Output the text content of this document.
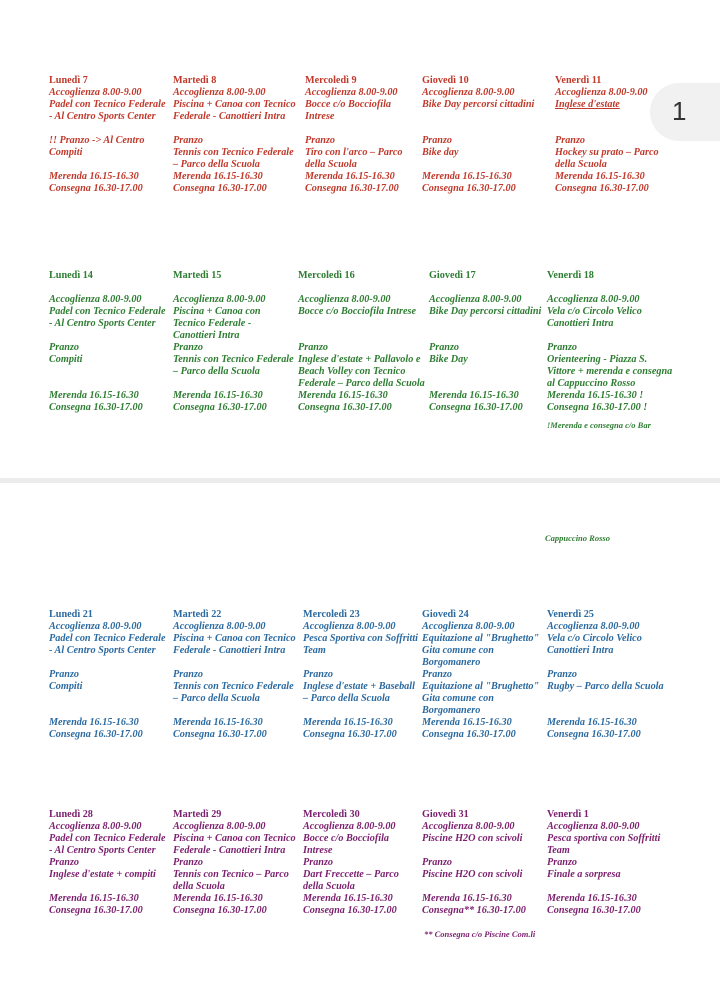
1
Lunedì 7
Accoglienza 8.00-9.00
Padel con Tecnico Federale
- Al Centro Sports Center
!! Pranzo -> Al Centro
Compiti
Merenda 16.15-16.30
Consegna 16.30-17.00
Martedì 8
Accoglienza 8.00-9.00
Piscina + Canoa con Tecnico
Federale - Canottieri Intra
Pranzo
Tennis con Tecnico Federale
– Parco della Scuola
Merenda 16.15-16.30
Consegna 16.30-17.00
Mercoledì 9
Accoglienza 8.00-9.00
Bocce c/o Bocciofila
Intrese
Pranzo
Tiro con l'arco – Parco
della Scuola
Merenda 16.15-16.30
Consegna 16.30-17.00
Giovedì 10
Accoglienza 8.00-9.00
Bike Day percorsi cittadini
Pranzo
Bike day
Merenda 16.15-16.30
Consegna 16.30-17.00
Venerdì 11
Accoglienza 8.00-9.00
Inglese d'estate
Pranzo
Hockey su prato – Parco
della Scuola
Merenda 16.15-16.30
Consegna 16.30-17.00
Lunedì 14
Accoglienza 8.00-9.00
Padel con Tecnico Federale
- Al Centro Sports Center
Pranzo
Compiti
Merenda 16.15-16.30
Consegna 16.30-17.00
Martedì 15
Accoglienza 8.00-9.00
Piscina + Canoa con
Tecnico Federale -
Canottieri Intra
Pranzo
Tennis con Tecnico Federale
– Parco della Scuola
Merenda 16.15-16.30
Consegna 16.30-17.00
Mercoledì 16
Accoglienza 8.00-9.00
Bocce c/o Bocciofila Intrese
Pranzo
Inglese d'estate + Pallavolo e
Beach Volley con Tecnico
Federale – Parco della Scuola
Merenda 16.15-16.30
Consegna 16.30-17.00
Giovedì 17
Accoglienza 8.00-9.00
Bike Day percorsi cittadini
Pranzo
Bike Day
Merenda 16.15-16.30
Consegna 16.30-17.00
Venerdì 18
Accoglienza 8.00-9.00
Vela c/o Circolo Velico
Canottieri Intra
Pranzo
Orienteering - Piazza S.
Vittore + merenda e consegna
al Cappuccino Rosso
Merenda 16.15-16.30 !
Consegna 16.30-17.00 !
!Merenda e consegna c/o Bar
Cappuccino Rosso
Lunedì 21
Accoglienza 8.00-9.00
Padel con Tecnico Federale
- Al Centro Sports Center
Pranzo
Compiti
Merenda 16.15-16.30
Consegna 16.30-17.00
Martedì 22
Accoglienza 8.00-9.00
Piscina + Canoa con Tecnico
Federale - Canottieri Intra
Pranzo
Tennis con Tecnico Federale
– Parco della Scuola
Merenda 16.15-16.30
Consegna 16.30-17.00
Mercoledì 23
Accoglienza 8.00-9.00
Pesca Sportiva con Soffritti
Team
Pranzo
Inglese d'estate + Baseball
– Parco della Scuola
Merenda 16.15-16.30
Consegna 16.30-17.00
Giovedì 24
Accoglienza 8.00-9.00
Equitazione al "Brughetto"
Gita comune con
Borgomanero
Pranzo
Equitazione al "Brughetto"
Gita comune con
Borgomanero
Merenda 16.15-16.30
Consegna 16.30-17.00
Venerdì 25
Accoglienza 8.00-9.00
Vela c/o Circolo Velico
Canottieri Intra
Pranzo
Rugby – Parco della Scuola
Merenda 16.15-16.30
Consegna 16.30-17.00
Lunedì 28
Accoglienza 8.00-9.00
Padel con Tecnico Federale
- Al Centro Sports Center
Pranzo
Inglese d'estate + compiti
Merenda 16.15-16.30
Consegna 16.30-17.00
Martedì 29
Accoglienza 8.00-9.00
Piscina + Canoa con Tecnico
Federale - Canottieri Intra
Pranzo
Tennis con Tecnico – Parco
della Scuola
Merenda 16.15-16.30
Consegna 16.30-17.00
Mercoledì 30
Accoglienza 8.00-9.00
Bocce c/o Bocciofila
Intrese
Pranzo
Dart Freccette – Parco
della Scuola
Merenda 16.15-16.30
Consegna 16.30-17.00
Giovedì 31
Accoglienza 8.00-9.00
Piscine H2O con scivoli
Pranzo
Piscine H2O con scivoli
Merenda 16.15-16.30
Consegna** 16.30-17.00
Venerdì 1
Accoglienza 8.00-9.00
Pesca sportiva con Soffritti
Team
Pranzo
Finale a sorpresa
Merenda 16.15-16.30
Consegna 16.30-17.00
** Consegna c/o Piscine Com.li
